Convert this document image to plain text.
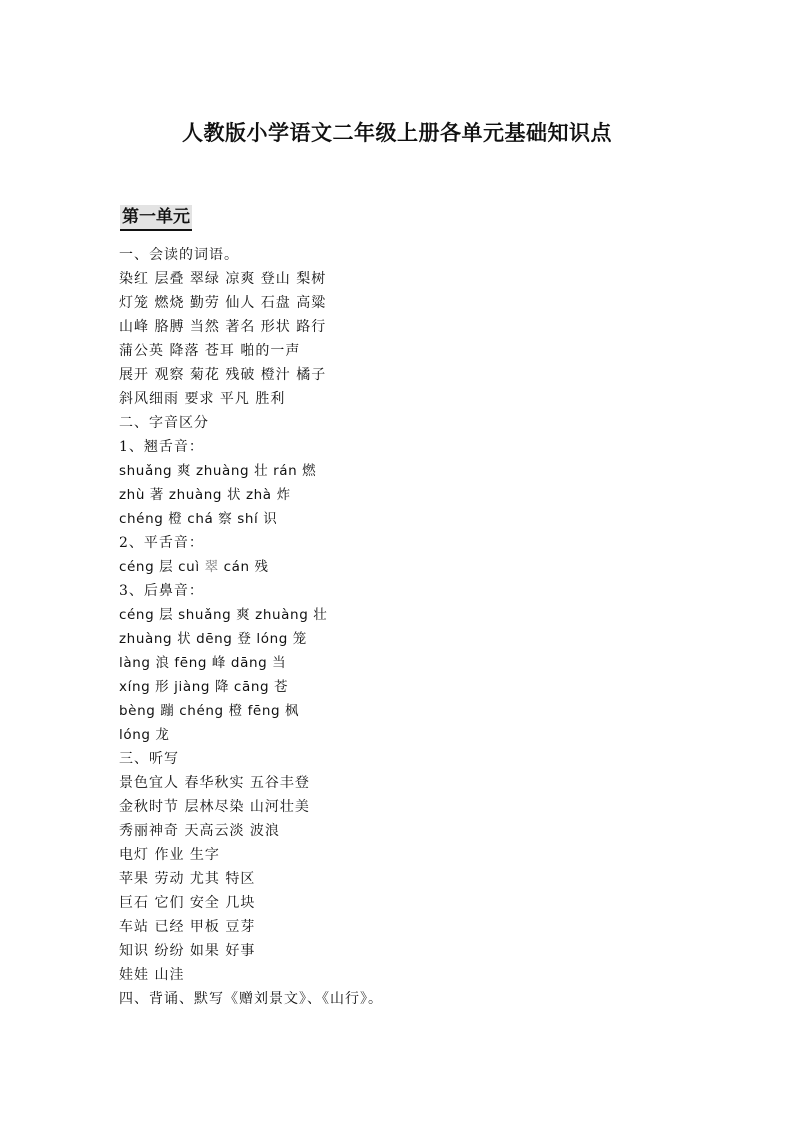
人教版小学语文二年级上册各单元基础知识点
第一单元
一、会读的词语。
染红 层叠 翠绿 凉爽 登山 梨树
灯笼 燃烧 勤劳 仙人 石盘 高粱
山峰 胳膊 当然 著名 形状 路行
蒲公英 降落 苍耳 啪的一声
展开 观察 菊花 残破 橙汁 橘子
斜风细雨 要求 平凡 胜利
二、字音区分
1、翘舌音：
shuǎng 爽 zhuàng 壮 rán 燃
zhù 著 zhuàng 状 zhà 炸
chéng 橙 chá 察 shí 识
2、平舌音：
céng 层 cuì 翠 cán 残
3、后鼻音：
céng 层 shuǎng 爽 zhuàng 壮
zhuàng 状 dēng 登 lóng 笼
làng 浪 fēng 峰 dāng 当
xíng 形 jiàng 降 cāng 苍
bèng 蹦 chéng 橙 fēng 枫
lóng 龙
三、听写
景色宜人 春华秋实 五谷丰登
金秋时节 层林尽染 山河壮美
秀丽神奇 天高云淡 波浪
电灯 作业 生字
苹果 劳动 尤其 特区
巨石 它们 安全 几块
车站 已经 甲板 豆芽
知识 纷纷 如果 好事
娃娃 山洼
四、背诵、默写《赠刘景文》、《山行》。
